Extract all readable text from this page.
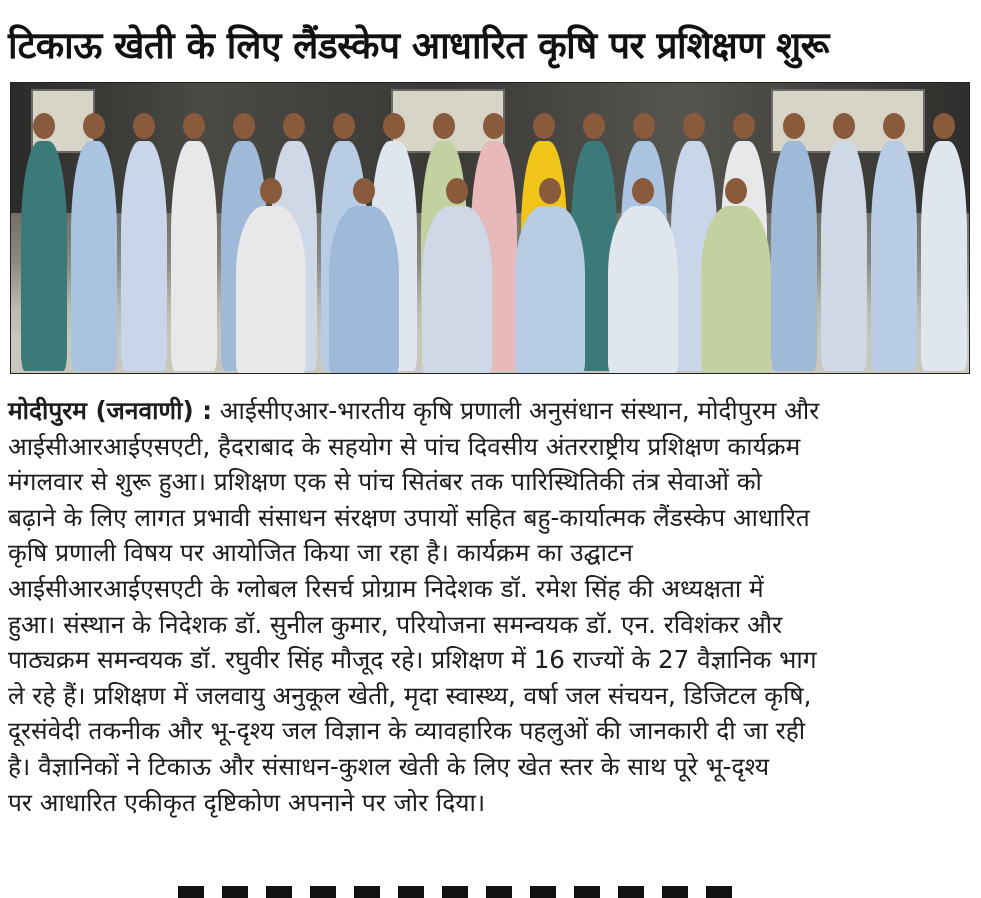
टिकाऊ खेती के लिए लैंडस्केप आधारित कृषि पर प्रशिक्षण शुरू
मोदीपुरम (जनवाणी) : आईसीएआर-भारतीय कृषि प्रणाली अनुसंधान संस्थान, मोदीपुरम और
आईसीआरआईएसएटी, हैदराबाद के सहयोग से पांच दिवसीय अंतरराष्ट्रीय प्रशिक्षण कार्यक्रम
मंगलवार से शुरू हुआ। प्रशिक्षण एक से पांच सितंबर तक पारिस्थितिकी तंत्र सेवाओं को
बढ़ाने के लिए लागत प्रभावी संसाधन संरक्षण उपायों सहित बहु-कार्यात्मक लैंडस्केप आधारित
कृषि प्रणाली विषय पर आयोजित किया जा रहा है। कार्यक्रम का उद्घाटन
आईसीआरआईएसएटी के ग्लोबल रिसर्च प्रोग्राम निदेशक डॉ. रमेश सिंह की अध्यक्षता में
हुआ। संस्थान के निदेशक डॉ. सुनील कुमार, परियोजना समन्वयक डॉ. एन. रविशंकर और
पाठ्यक्रम समन्वयक डॉ. रघुवीर सिंह मौजूद रहे। प्रशिक्षण में 16 राज्यों के 27 वैज्ञानिक भाग
ले रहे हैं। प्रशिक्षण में जलवायु अनुकूल खेती, मृदा स्वास्थ्य, वर्षा जल संचयन, डिजिटल कृषि,
दूरसंवेदी तकनीक और भू-दृश्य जल विज्ञान के व्यावहारिक पहलुओं की जानकारी दी जा रही
है। वैज्ञानिकों ने टिकाऊ और संसाधन-कुशल खेती के लिए खेत स्तर के साथ पूरे भू-दृश्य
पर आधारित एकीकृत दृष्टिकोण अपनाने पर जोर दिया।
